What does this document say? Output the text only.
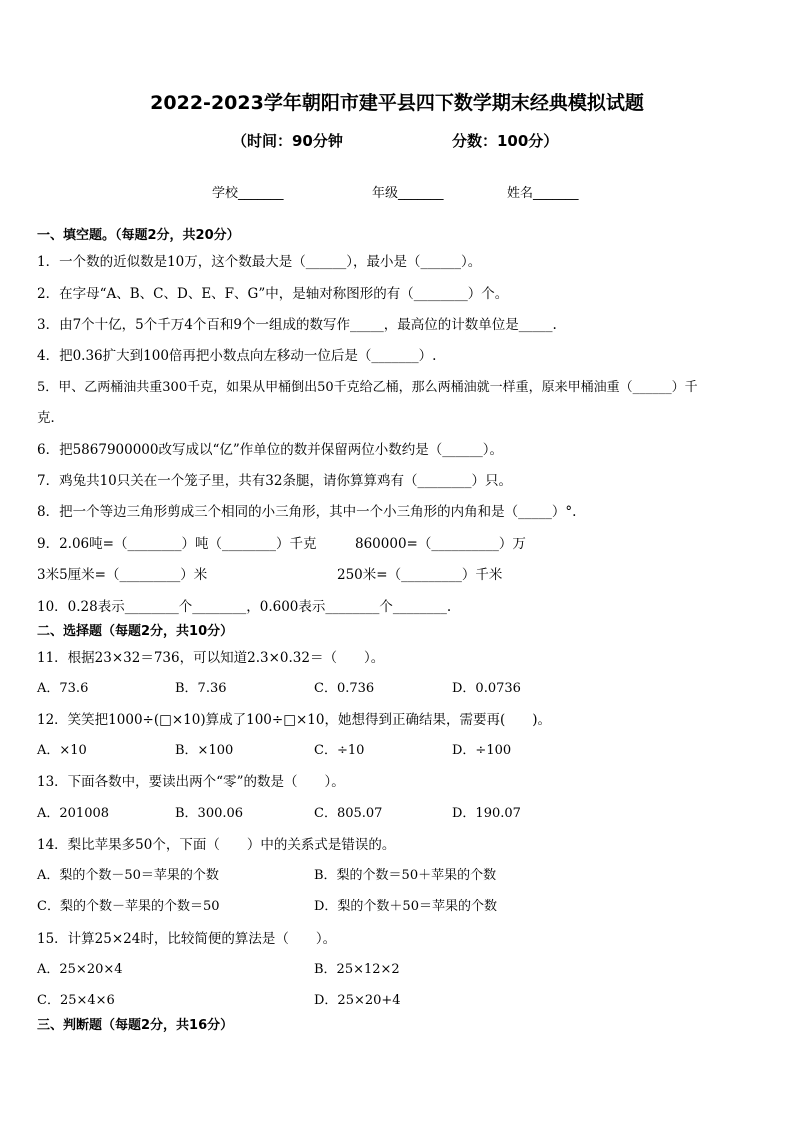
2022-2023学年朝阳市建平县四下数学期末经典模拟试题
（时间：90分钟	分数：100分）
学校_______	年级_______	姓名_______
一、填空题。（每题2分，共20分）
1．一个数的近似数是10万，这个数最大是（______），最小是（______）。
2．在字母“A、B、C、D、E、F、G”中，是轴对称图形的有（________）个。
3．由7个十亿，5个千万4个百和9个一组成的数写作_____，最高位的计数单位是_____.
4．把0.36扩大到100倍再把小数点向左移动一位后是（_______）.
5．甲、乙两桶油共重300千克，如果从甲桶倒出50千克给乙桶，那么两桶油就一样重，原来甲桶油重（______）千
克．
6．把5867900000改写成以“亿”作单位的数并保留两位小数约是（______）。
7．鸡兔共10只关在一个笼子里，共有32条腿，请你算算鸡有（________）只。
8．把一个等边三角形剪成三个相同的小三角形，其中一个小三角形的内角和是（_____）°.
9．2.06吨=（________）吨（________）千克	860000=（__________）万
3米5厘米=（_________）米	250米=（_________）千米
10．0.28表示________个________，0.600表示________个________.
二、选择题（每题2分，共10分）
11．根据23×32＝736，可以知道2.3×0.32＝（　　）。
A．73.6	B．7.36	C．0.736	D．0.0736
12．笑笑把1000÷(□×10)算成了100÷□×10，她想得到正确结果，需要再(　　)。
A．×10	B．×100	C．÷10	D．÷100
13．下面各数中，要读出两个“零”的数是（　　）。
A．201008	B．300.06	C．805.07	D．190.07
14．梨比苹果多50个，下面（　　）中的关系式是错误的。
A．梨的个数－50＝苹果的个数	B．梨的个数＝50＋苹果的个数
C．梨的个数－苹果的个数＝50	D．梨的个数＋50＝苹果的个数
15．计算25×24时，比较简便的算法是（　　）。
A．25×20×4	B．25×12×2
C．25×4×6	D．25×20+4
三、判断题（每题2分，共16分）
